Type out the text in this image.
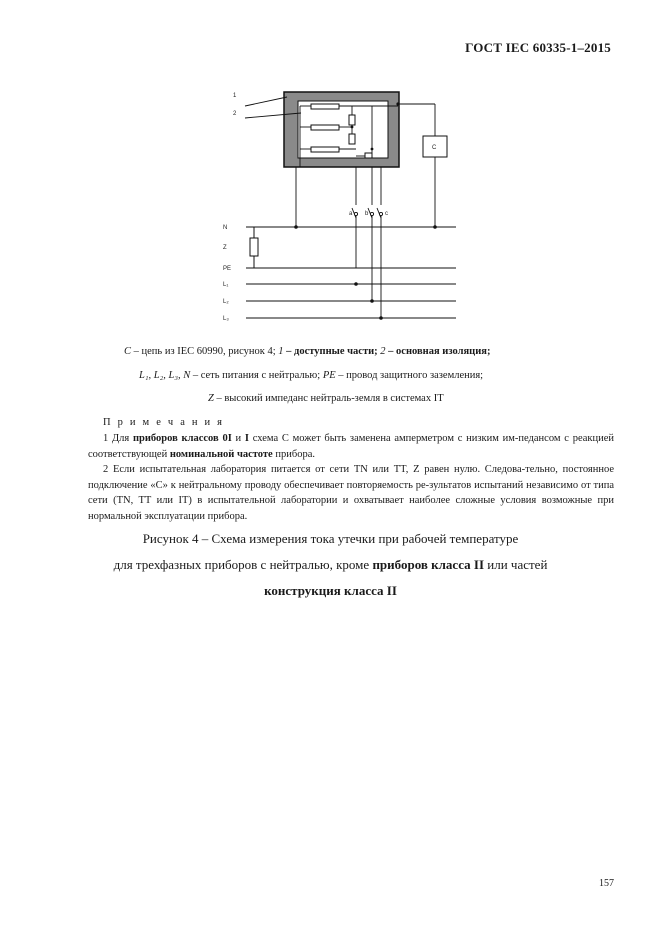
ГОСТ IEC 60335-1–2015
C
1
2
a b	c
N
Z
PE
L₁
L₂
L₃
C – цепь из IEC 60990, рисунок 4; 1 – доступные части; 2 – основная изоляция;
L₁, L₂, L₃, N – сеть питания с нейтралью; PE – провод защитного заземления;
Z – высокий импеданс нейтраль-земля в системах IT
П р и м е ч а н и я
1 Для приборов классов 0I и I схема С может быть заменена амперметром с низким им-педансом с реакцией соответствующей номинальной частоте прибора.
2 Если испытательная лаборатория питается от сети TN или TT, Z равен нулю. Следова-тельно, постоянное подключение «С» к нейтральному проводу обеспечивает повторяемость ре-зультатов испытаний независимо от типа сети (TN, TT или IT) в испытательной лаборатории и охватывает наиболее сложные условия возможные при нормальной эксплуатации прибора.
Рисунок 4 – Схема измерения тока утечки при рабочей температуре
для трехфазных приборов с нейтралью, кроме приборов класса II или частей
конструкция класса II
157
